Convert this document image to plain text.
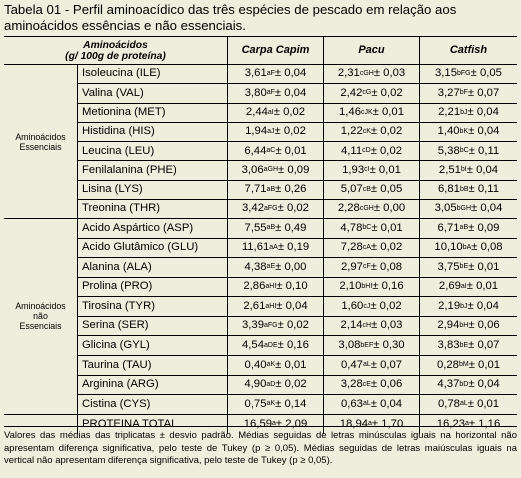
Tabela 01 - Perfil aminoacídico das três espécies de pescado em relação aos aminoácidos essências e não essenciais.
Aminoácidos
(g/ 100g de proteína)	Carpa Capim	Pacu	Catfish
Aminoácidos
Essenciais
Isoleucina (ILE)	3,61 aF ± 0,04	2,31 cGH ± 0,03	3,15 bFG ± 0,05
Valina (VAL)	3,80 aF ± 0,04	2,42 cG ± 0,02	3,27 bF ± 0,07
Metionina (MET)	2,44 aI ± 0,02	1,46 cJK ± 0,01	2,21 bJ ± 0,04
Histidina (HIS)	1,94 aJ ± 0,02	1,22 cK ± 0,02	1,40 bK ± 0,04
Leucina (LEU)	6,44 aC ± 0,01	4,11 cD ± 0,02	5,38 bC ± 0,11
Fenilalanina (PHE)	3,06 aGH ± 0,09	1,93 cI ± 0,01	2,51 bI ± 0,04
Lisina (LYS)	7,71 aB ± 0,26	5,07 cB ± 0,05	6,81 bB ± 0,11
Treonina (THR)	3,42 aFG ± 0,02	2,28 cGH ± 0,00	3,05 bGH ± 0,04
Aminoácidos
não
Essenciais
Acido Aspártico (ASP)	7,55 aB ± 0,49	4,78 bC ± 0,01	6,71 aB ± 0,09
Acido Glutâmico (GLU)	11,61 aA ± 0,19	7,28 cA ± 0,02	10,10 bA ± 0,08
Alanina (ALA)	4,38 aE ± 0,00	2,97 cF ± 0,08	3,75 bE ± 0,01
Prolina (PRO)	2,86 aHI ± 0,10	2,10 bHI ± 0,16	2,69 aI ± 0,01
Tirosina (TYR)	2,61 aHI ± 0,04	1,60 cJ ± 0,02	2,19 bJ ± 0,04
Serina (SER)	3,39 aFG ± 0,02	2,14 cH ± 0,03	2,94 bH ± 0,06
Glicina (GYL)	4,54 aDE ± 0,16	3,08 bEF ± 0,30	3,83 bE ± 0,07
Taurina (TAU)	0,40 aK ± 0,01	0,47 aL ± 0,07	0,28 bM ± 0,01
Arginina (ARG)	4,90 aD ± 0,02	3,28 cE ± 0,06	4,37 bD ± 0,04
Cistina (CYS)	0,75 aK ± 0,14	0,63 aL ± 0,04	0,78 aL ± 0,01
PROTEINA TOTAL	16,59 a ± 2,09	18,94 a ± 1,70	16,23 a ± 1,16
Valores das médias das triplicatas ± desvio padrão. Médias seguidas de letras minúsculas iguais na horizontal não apresentam diferença significativa, pelo teste de Tukey (p ≥ 0,05). Médias seguidas de letras maiúsculas iguais na vertical não apresentam diferença significativa, pelo teste de Tukey (p ≥ 0,05).
